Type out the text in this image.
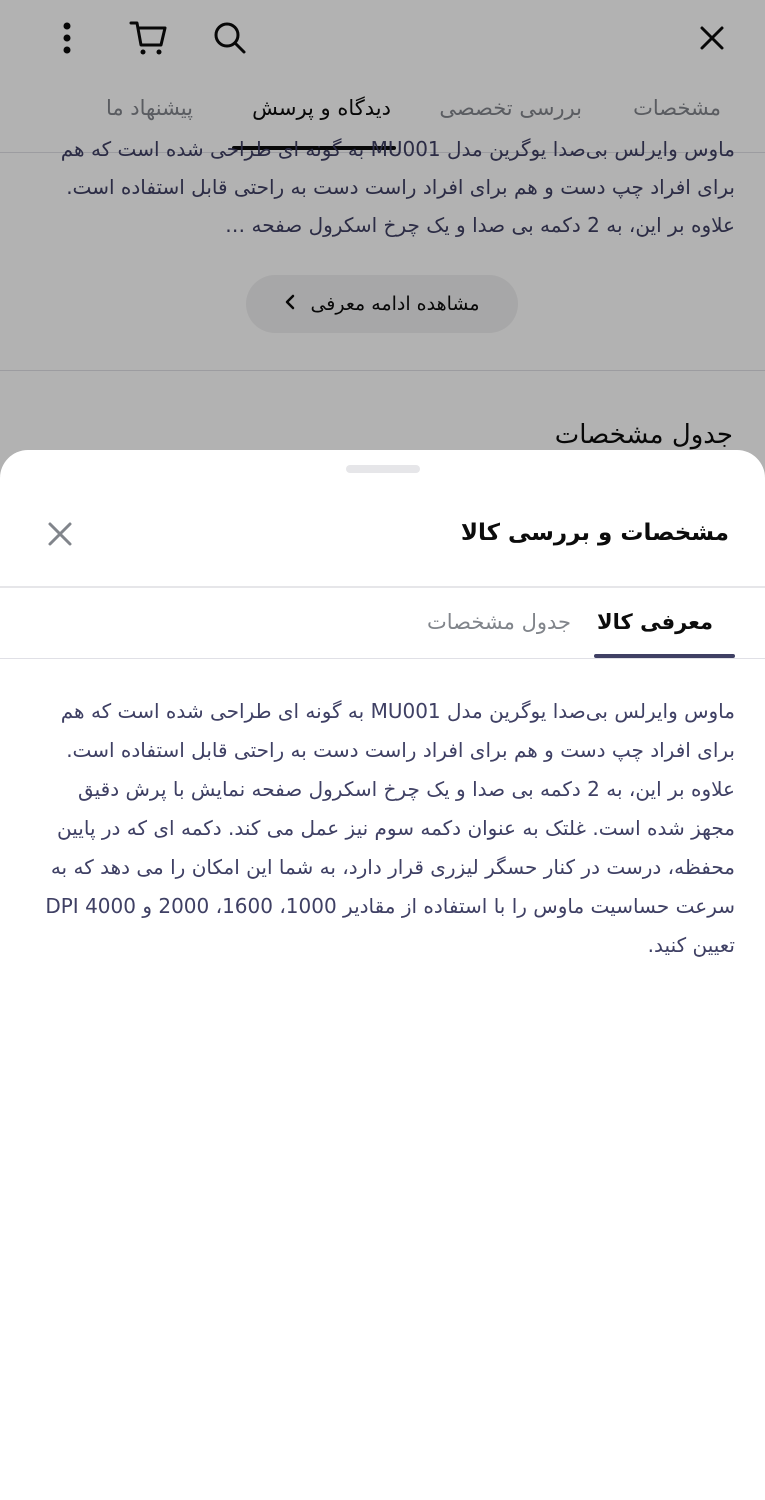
مشخصات
بررسی تخصصی
دیدگاه و پرسش
پیشنهاد ما
ماوس وایرلس بی‌صدا یوگرین مدل MU001 به گونه ای طراحی شده است که هم برای افراد چپ دست و هم برای افراد راست دست به راحتی قابل استفاده است. علاوه بر این، به 2 دکمه بی صدا و یک چرخ اسکرول صفحه …
مشاهده ادامه معرفی
جدول مشخصات
مشخصات و بررسی کالا
معرفی کالا
جدول مشخصات
ماوس وایرلس بی‌صدا یوگرین مدل MU001 به گونه ای طراحی شده است که هم برای افراد چپ دست و هم برای افراد راست دست به راحتی قابل استفاده است. علاوه بر این، به 2 دکمه بی صدا و یک چرخ اسکرول صفحه نمایش با پرش دقیق مجهز شده است. غلتک به عنوان دکمه سوم نیز عمل می کند. دکمه ای که در پایین محفظه، درست در کنار حسگر لیزری قرار دارد، به شما این امکان را می دهد که به سرعت حساسیت ماوس را با استفاده از مقادیر 1000، 1600، 2000 و 4000 DPI تعیین کنید.
